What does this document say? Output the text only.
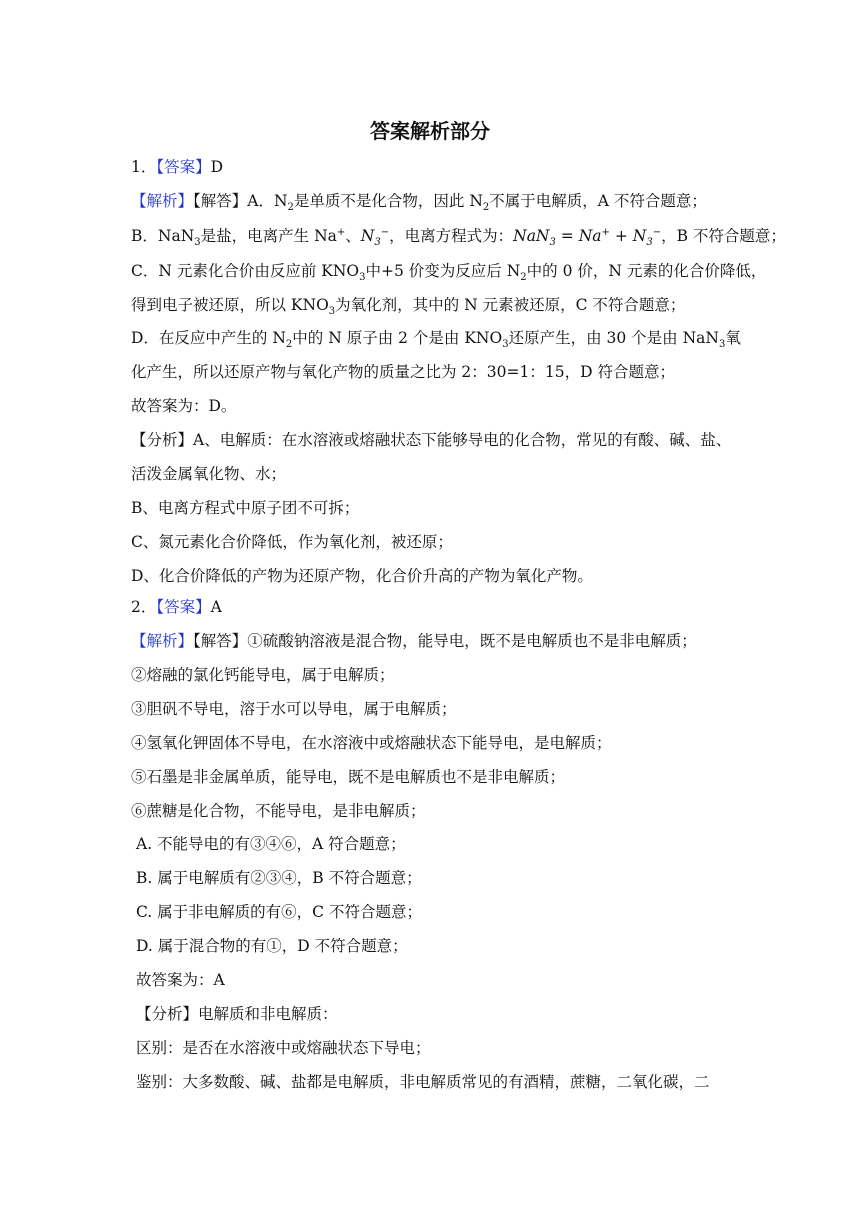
答案解析部分
1．【答案】D
【解析】【解答】A．$N_2$是单质不是化合物，因此 $N_2$不属于电解质，A 不符合题意；
B．NaN$_3$是盐，电离产生 Na+、$N_3^-$，电离方程式为：$NaN_3 = Na^+ + N_3^-$，B 不符合题意；
C．N 元素化合价由反应前 $KNO_3$中+5 价变为反应后 $N_2$中的 0 价，N 元素的化合价降低，
得到电子被还原，所以 $KNO_3$为氧化剂，其中的 N 元素被还原，C 不符合题意；
D．在反应中产生的 $N_2$中的 N 原子由 2 个是由 $KNO_3$还原产生，由 30 个是由 NaN$_3$氧
化产生，所以还原产物与氧化产物的质量之比为 2：30=1：15，D 符合题意；
故答案为：D。
【分析】A、电解质：在水溶液或熔融状态下能够导电的化合物，常见的有酸、碱、盐、
活泼金属氧化物、水；
B、电离方程式中原子团不可拆；
C、氮元素化合价降低，作为氧化剂，被还原；
D、化合价降低的产物为还原产物，化合价升高的产物为氧化产物。
2．【答案】A
【解析】【解答】①硫酸钠溶液是混合物，能导电，既不是电解质也不是非电解质；
②熔融的氯化钙能导电，属于电解质；
③胆矾不导电，溶于水可以导电，属于电解质；
④氢氧化钾固体不导电，在水溶液中或熔融状态下能导电，是电解质；
⑤石墨是非金属单质，能导电，既不是电解质也不是非电解质；
⑥蔗糖是化合物，不能导电，是非电解质；
A. 不能导电的有③④⑥，A 符合题意；
B. 属于电解质有②③④，B 不符合题意；
C. 属于非电解质的有⑥，C 不符合题意；
D. 属于混合物的有①，D 不符合题意；
故答案为：A
【分析】电解质和非电解质：
区别：是否在水溶液中或熔融状态下导电；
鉴别：大多数酸、碱、盐都是电解质，非电解质常见的有酒精，蔗糖，二氧化碳，二
